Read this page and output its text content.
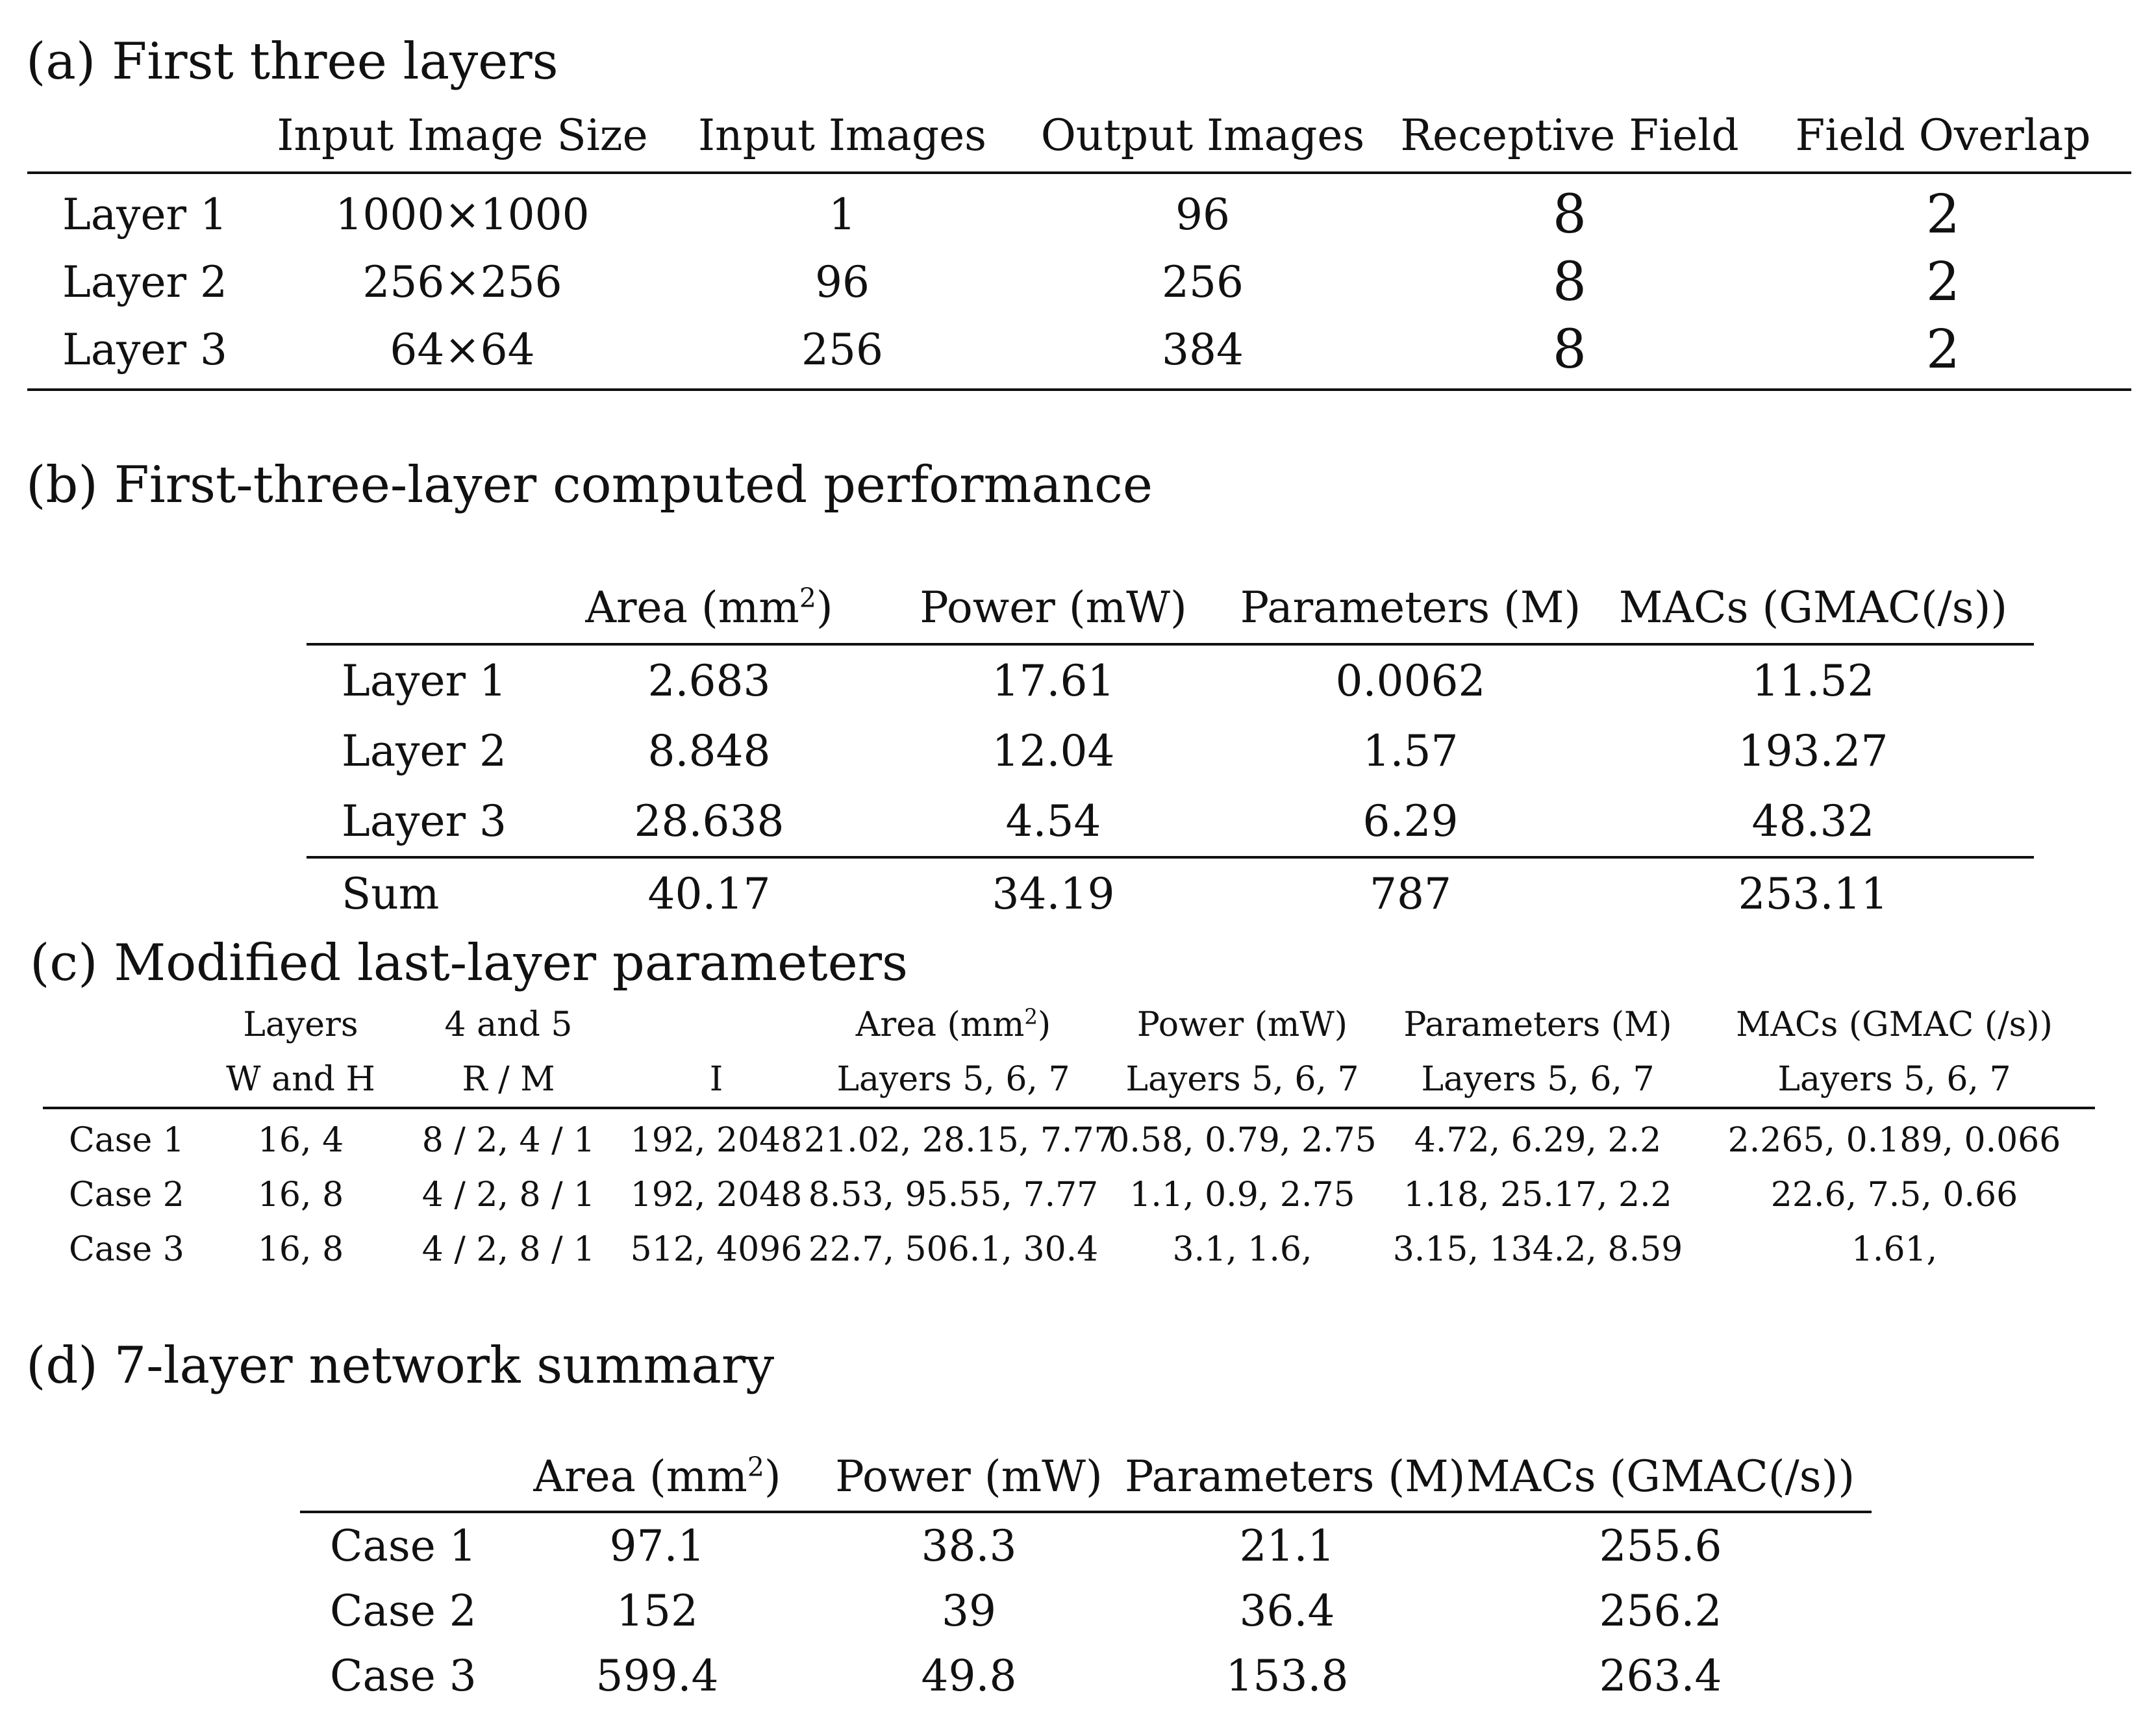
(a) First three layers
	Input Image Size	Input Images	Output Images	Receptive Field	Field Overlap
Layer 1	1000×1000	1	96	8	2
Layer 2	256×256	96	256	8	2
Layer 3	64×64	256	384	8	2
(b) First-three-layer computed performance
	Area $(mm^2)$	Power (mW)	Parameters (M)	MACs (GMAC(/s))
Layer 1	2.683	17.61	0.0062	11.52
Layer 2	8.848	12.04	1.57	193.27
Layer 3	28.638	4.54	6.29	48.32
Sum	40.17	34.19	787	253.11
(c) Modified last-layer parameters
	Layers	4 and 5		Area $(mm^2)$	Power (mW)	Parameters (M)	MACs (GMAC (/s))
	W and H	R / M	I	Layers 5, 6, 7	Layers 5, 6, 7	Layers 5, 6, 7	Layers 5, 6, 7
Case 1	16, 4	8 / 2, 4 / 1	192, 2048	21.02, 28.15, 7.77	0.58, 0.79, 2.75	4.72, 6.29, 2.2	2.265, 0.189, 0.066
Case 2	16, 8	4 / 2, 8 / 1	192, 2048	8.53, 95.55, 7.77	1.1, 0.9, 2.75	1.18, 25.17, 2.2	22.6, 7.5, 0.66
Case 3	16, 8	4 / 2, 8 / 1	512, 4096	22.7, 506.1, 30.4	3.1, 1.6,	3.15, 134.2, 8.59	1.61,
(d) 7-layer network summary
	Area $(mm^2)$	Power (mW)	Parameters (M)	MACs (GMAC(/s))
Case 1	97.1	38.3	21.1	255.6
Case 2	152	39	36.4	256.2
Case 3	599.4	49.8	153.8	263.4
